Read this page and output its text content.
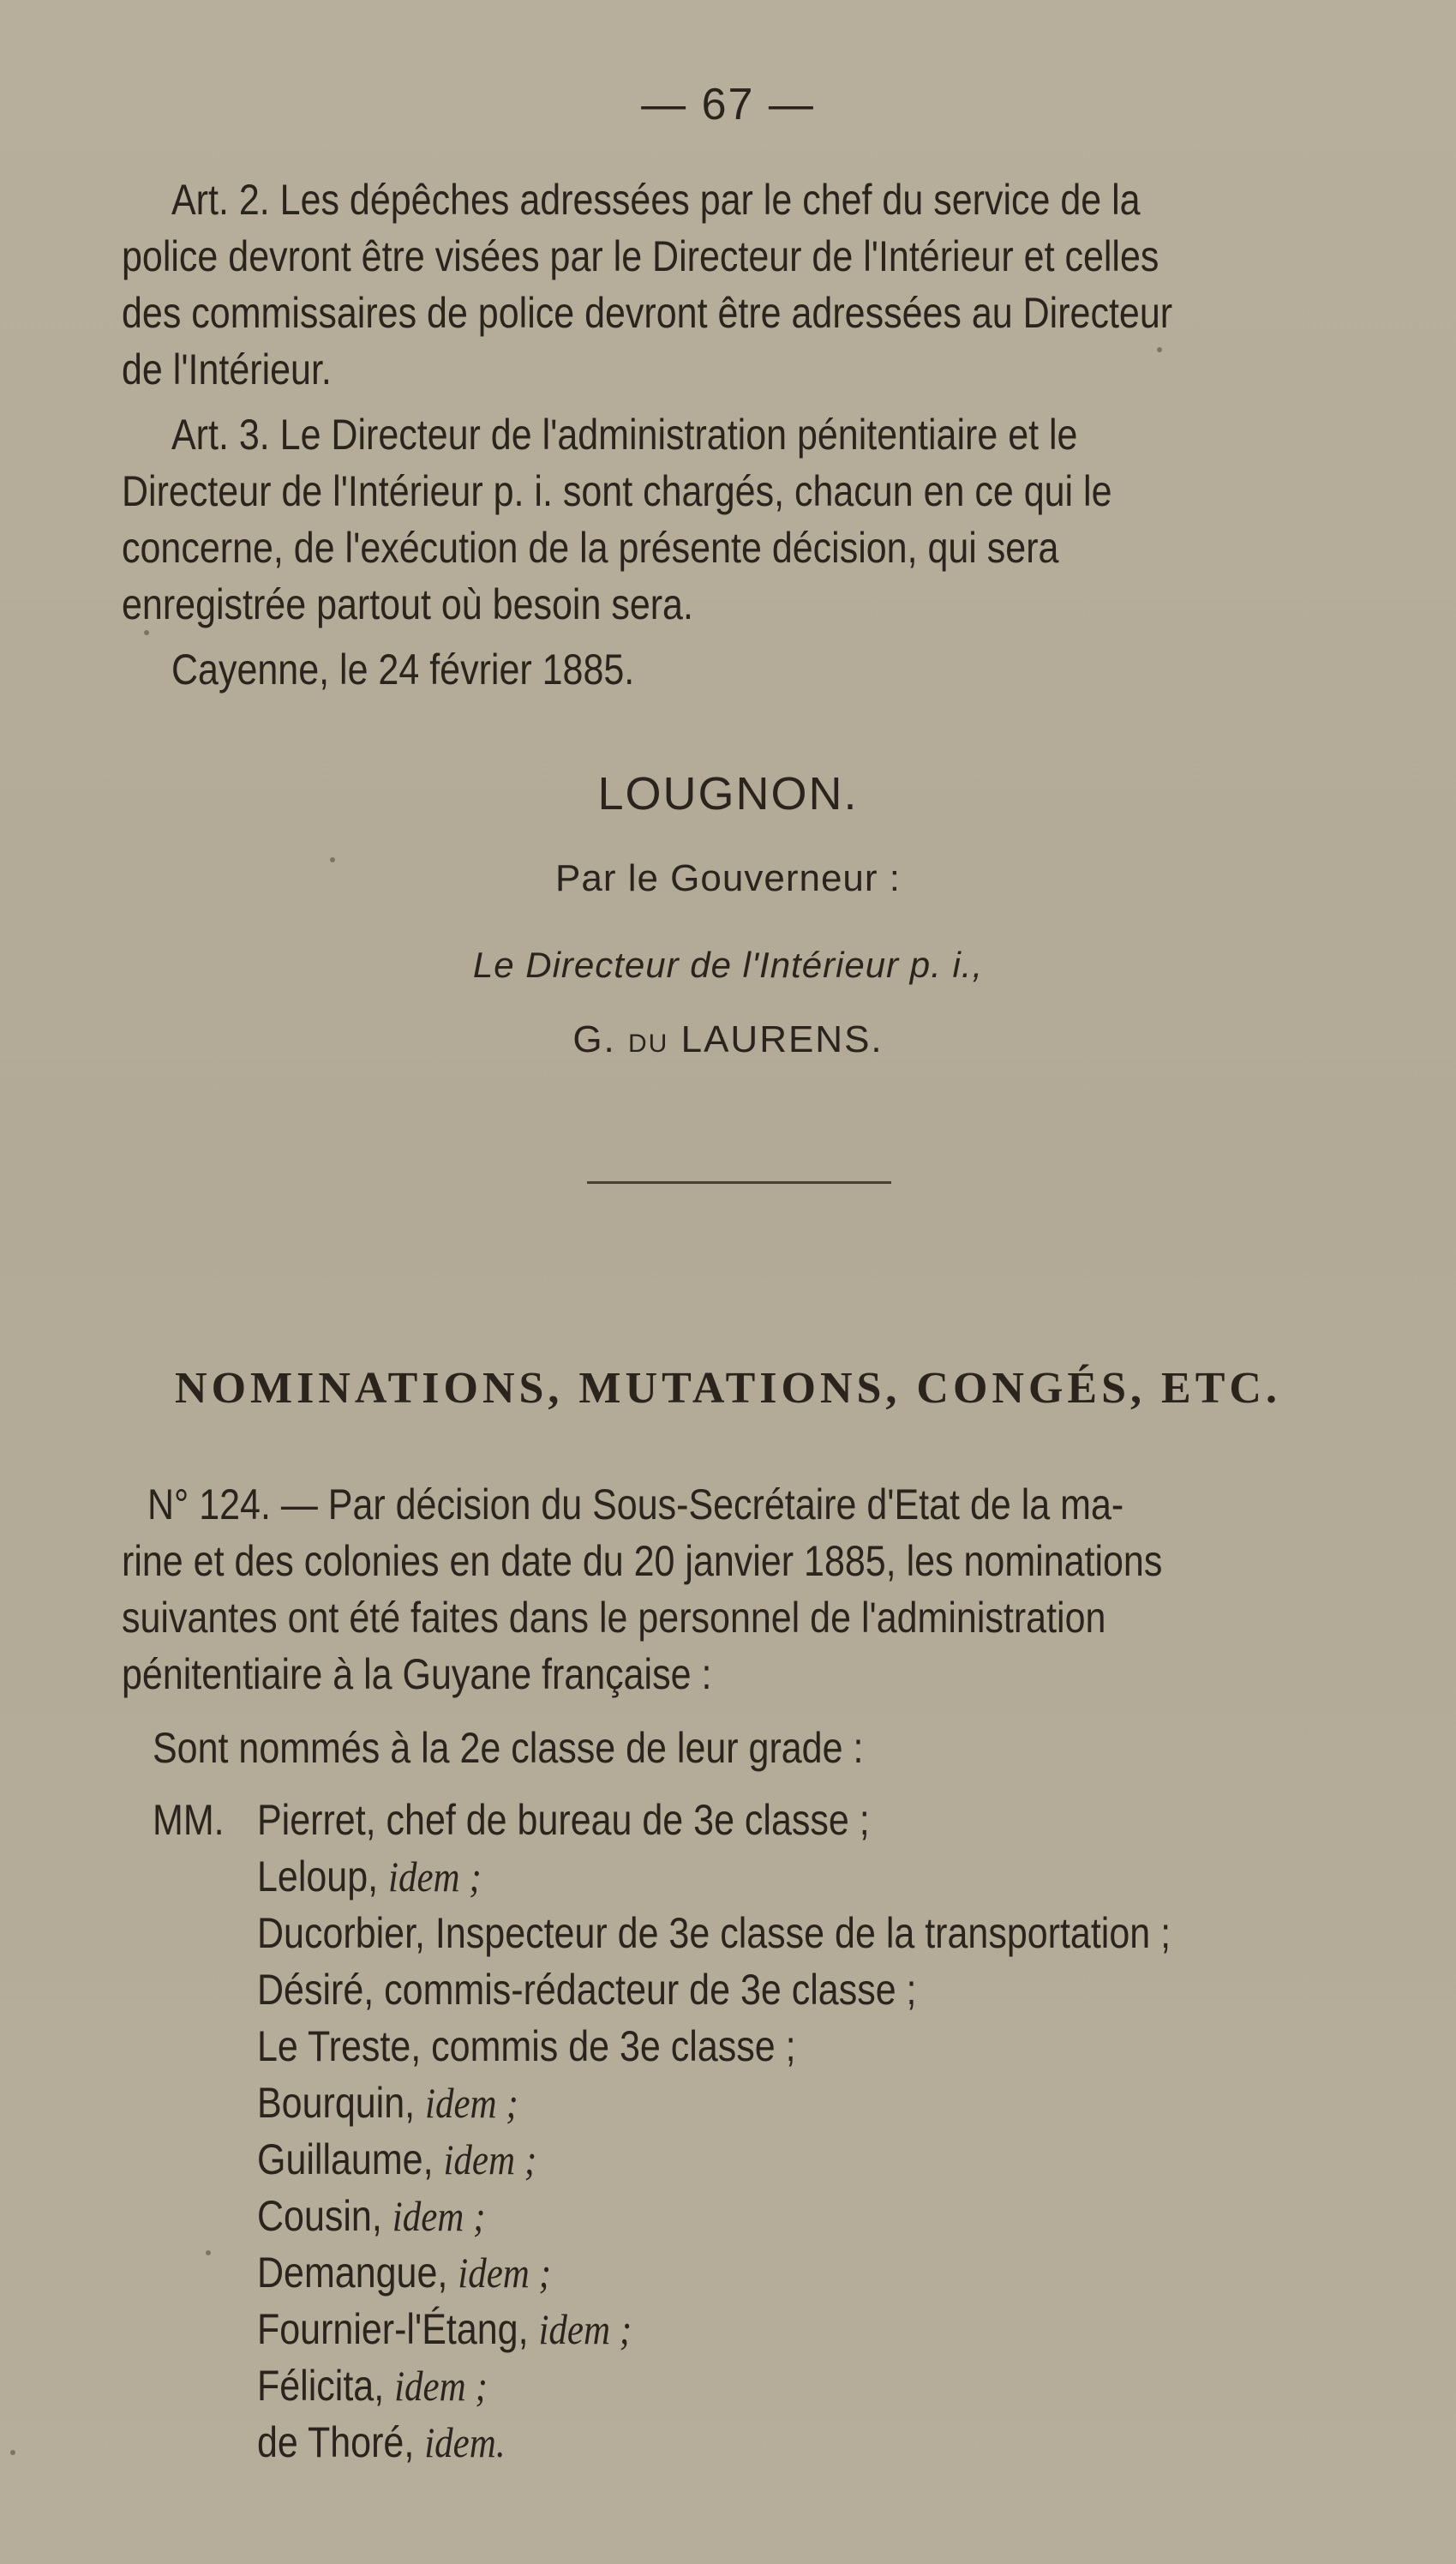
— 67 —
Art. 2. Les dépêches adressées par le chef du service de la
police devront être visées par le Directeur de l'Intérieur et celles
des commissaires de police devront être adressées au Directeur
de l'Intérieur.
Art. 3. Le Directeur de l'administration pénitentiaire et le
Directeur de l'Intérieur p. i. sont chargés, chacun en ce qui le
concerne, de l'exécution de la présente décision, qui sera
enregistrée partout où besoin sera.
Cayenne, le 24 février 1885.
LOUGNON.
Par le Gouverneur :
Le Directeur de l'Intérieur p. i.,
G. DU LAURENS.
NOMINATIONS, MUTATIONS, CONGÉS, ETC.
N° 124. — Par décision du Sous-Secrétaire d'Etat de la ma-
rine et des colonies en date du 20 janvier 1885, les nominations
suivantes ont été faites dans le personnel de l'administration
pénitentiaire à la Guyane française :
Sont nommés à la 2e classe de leur grade :
MM. Pierret, chef de bureau de 3e classe ;
Leloup, idem ;
Ducorbier, Inspecteur de 3e classe de la transportation ;
Désiré, commis-rédacteur de 3e classe ;
Le Treste, commis de 3e classe ;
Bourquin, idem ;
Guillaume, idem ;
Cousin, idem ;
Demangue, idem ;
Fournier-l'Étang, idem ;
Félicita, idem ;
de Thoré, idem.
